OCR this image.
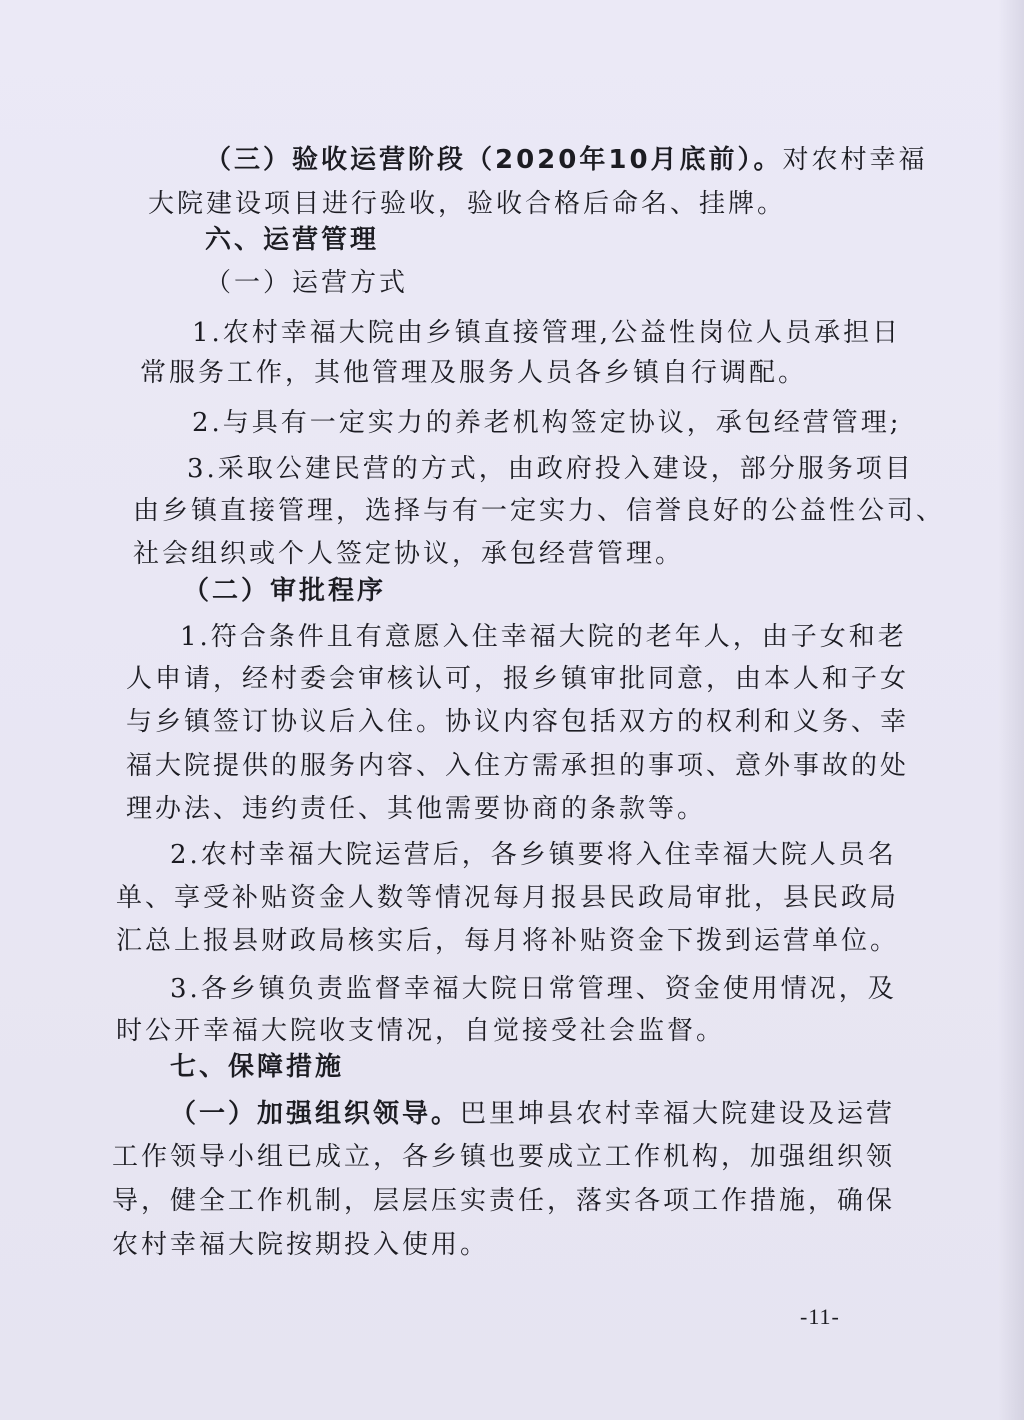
（三）验收运营阶段（2020年10月底前）。对农村幸福
大院建设项目进行验收，验收合格后命名、挂牌。
六、运营管理
（一）运营方式
1.农村幸福大院由乡镇直接管理,公益性岗位人员承担日
常服务工作，其他管理及服务人员各乡镇自行调配。
2.与具有一定实力的养老机构签定协议，承包经营管理;
3.采取公建民营的方式，由政府投入建设，部分服务项目
由乡镇直接管理，选择与有一定实力、信誉良好的公益性公司、
社会组织或个人签定协议，承包经营管理。
（二）审批程序
1.符合条件且有意愿入住幸福大院的老年人，由子女和老
人申请，经村委会审核认可，报乡镇审批同意，由本人和子女
与乡镇签订协议后入住。协议内容包括双方的权利和义务、幸
福大院提供的服务内容、入住方需承担的事项、意外事故的处
理办法、违约责任、其他需要协商的条款等。
2.农村幸福大院运营后，各乡镇要将入住幸福大院人员名
单、享受补贴资金人数等情况每月报县民政局审批，县民政局
汇总上报县财政局核实后，每月将补贴资金下拨到运营单位。
3.各乡镇负责监督幸福大院日常管理、资金使用情况，及
时公开幸福大院收支情况，自觉接受社会监督。
七、保障措施
（一）加强组织领导。巴里坤县农村幸福大院建设及运营
工作领导小组已成立，各乡镇也要成立工作机构，加强组织领
导，健全工作机制，层层压实责任，落实各项工作措施，确保
农村幸福大院按期投入使用。
-11-
